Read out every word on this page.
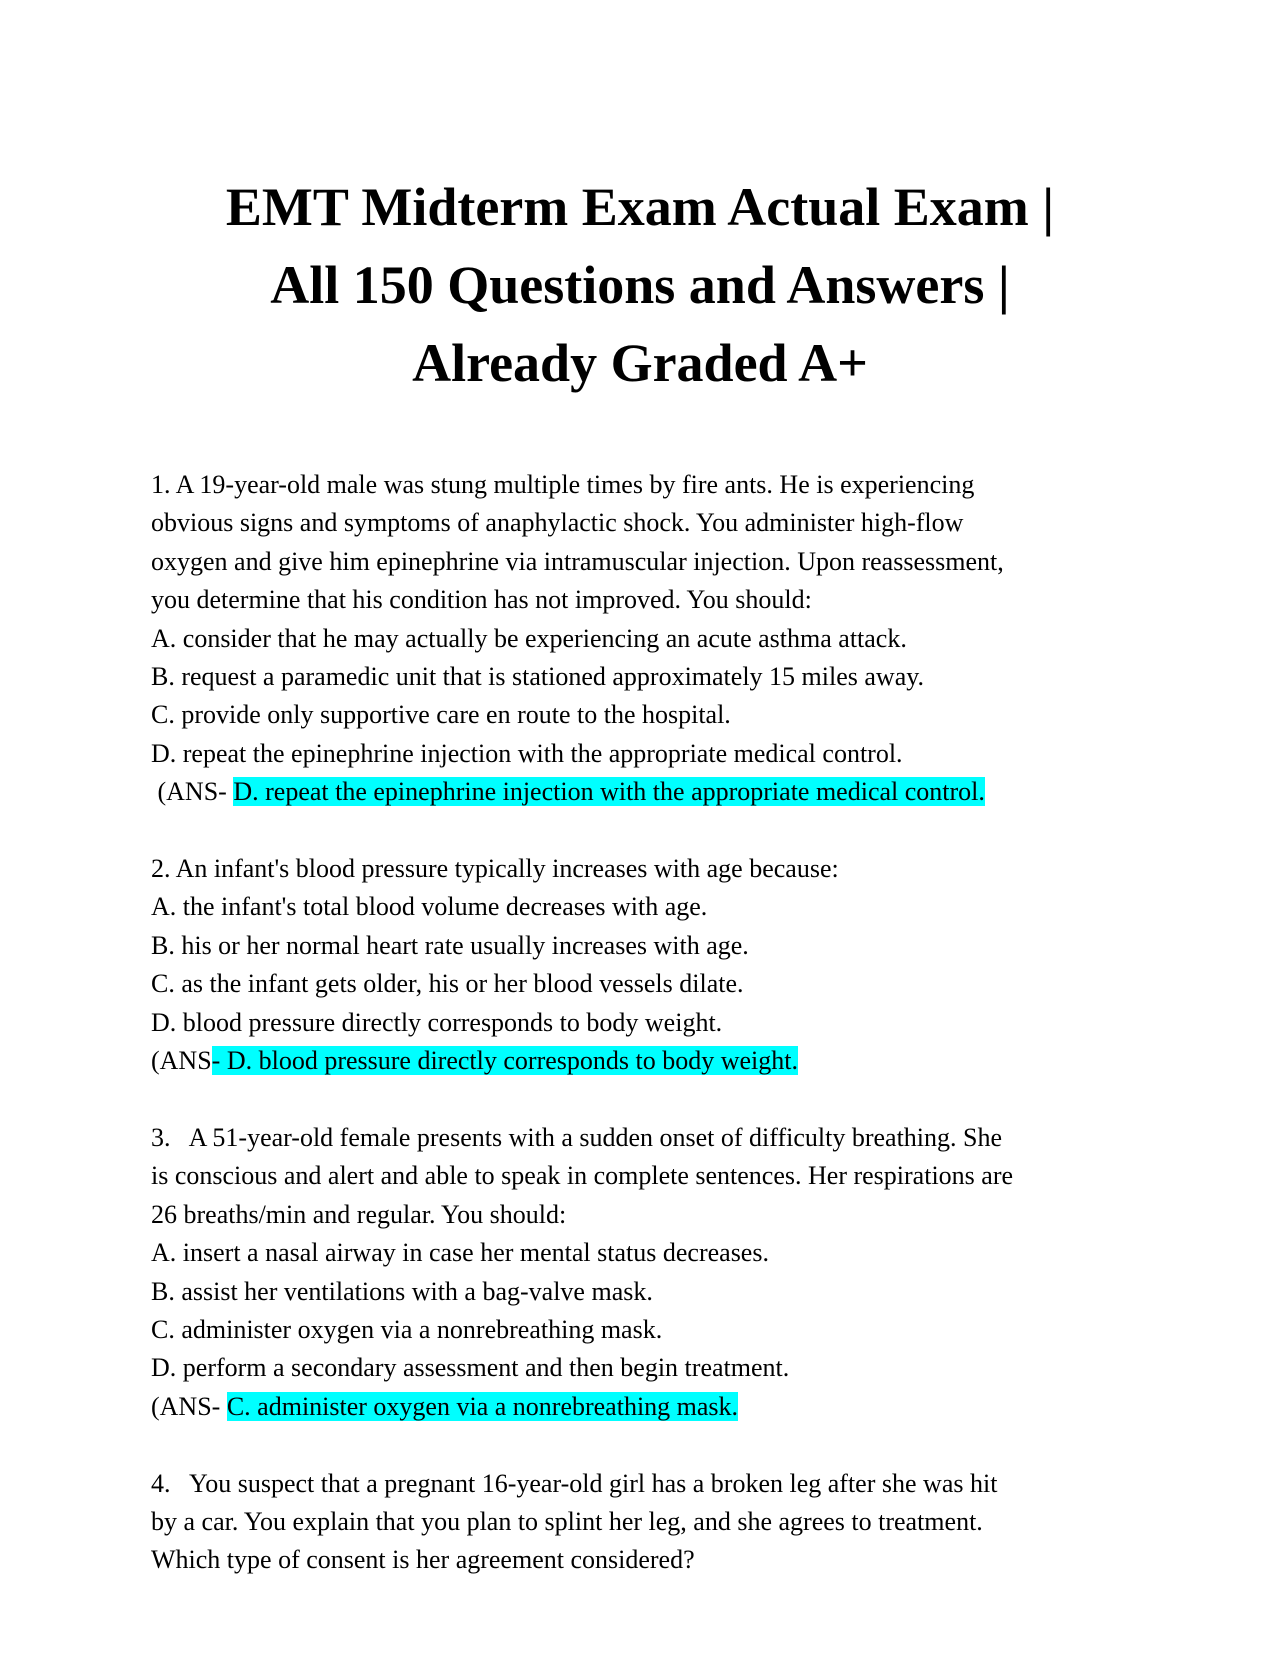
EMT Midterm Exam Actual Exam |
All 150 Questions and Answers |
Already Graded A+
1. A 19-year-old male was stung multiple times by fire ants. He is experiencing
obvious signs and symptoms of anaphylactic shock. You administer high-flow
oxygen and give him epinephrine via intramuscular injection. Upon reassessment,
you determine that his condition has not improved. You should:
A. consider that he may actually be experiencing an acute asthma attack.
B. request a paramedic unit that is stationed approximately 15 miles away.
C. provide only supportive care en route to the hospital.
D. repeat the epinephrine injection with the appropriate medical control.
(ANS- D. repeat the epinephrine injection with the appropriate medical control.
2. An infant's blood pressure typically increases with age because:
A. the infant's total blood volume decreases with age.
B. his or her normal heart rate usually increases with age.
C. as the infant gets older, his or her blood vessels dilate.
D. blood pressure directly corresponds to body weight.
(ANS- D. blood pressure directly corresponds to body weight.
3.   A 51-year-old female presents with a sudden onset of difficulty breathing. She
is conscious and alert and able to speak in complete sentences. Her respirations are
26 breaths/min and regular. You should:
A. insert a nasal airway in case her mental status decreases.
B. assist her ventilations with a bag-valve mask.
C. administer oxygen via a nonrebreathing mask.
D. perform a secondary assessment and then begin treatment.
(ANS- C. administer oxygen via a nonrebreathing mask.
4.   You suspect that a pregnant 16-year-old girl has a broken leg after she was hit
by a car. You explain that you plan to splint her leg, and she agrees to treatment.
Which type of consent is her agreement considered?
